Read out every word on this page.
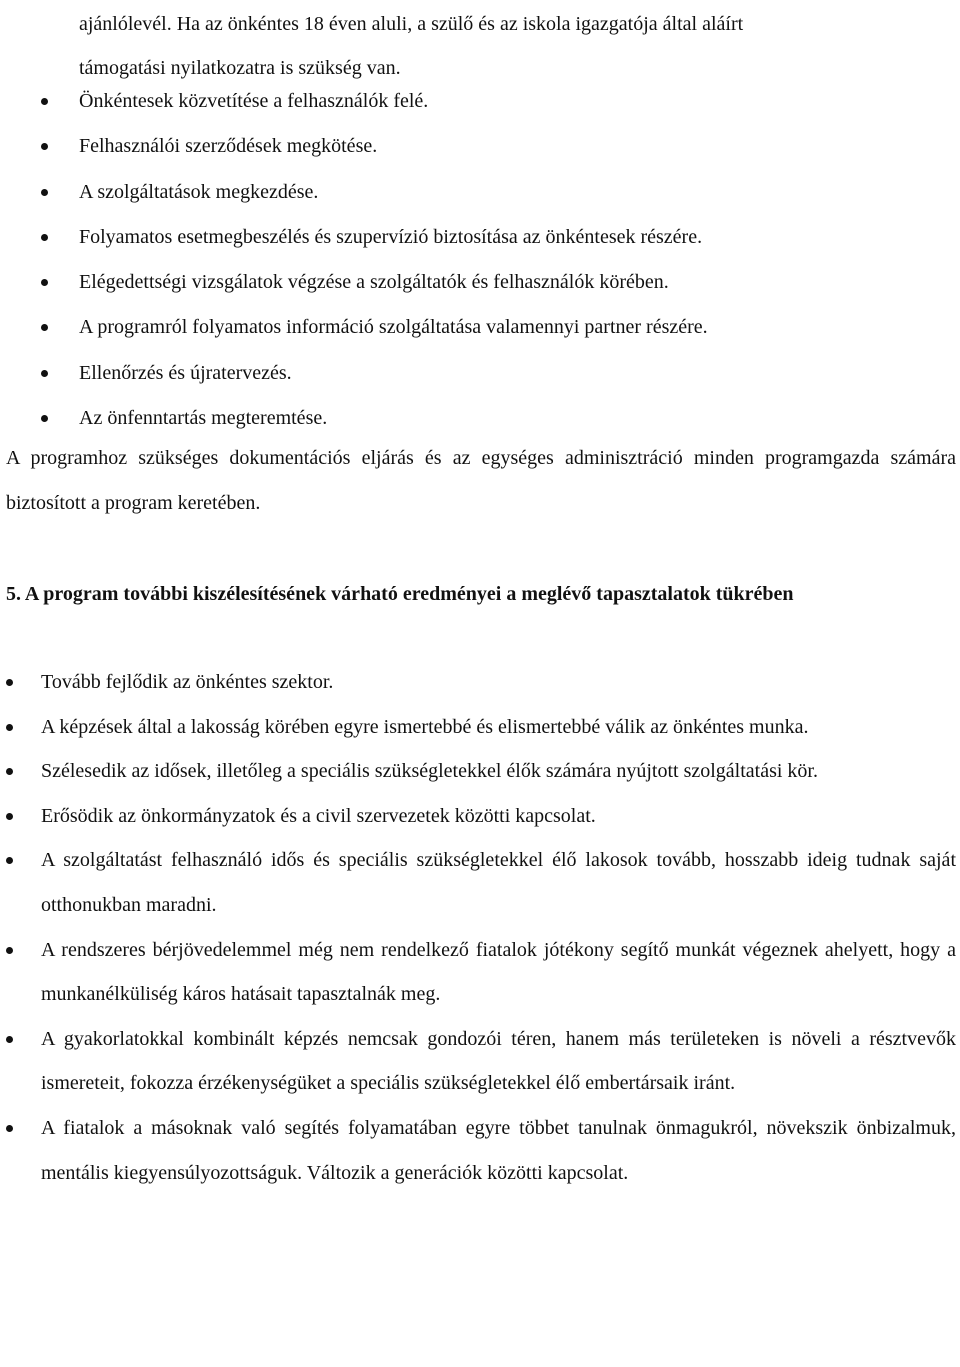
ajánlólevél. Ha az önkéntes 18 éven aluli, a szülő és az iskola igazgatója által aláírt
támogatási nyilatkozatra is szükség van.

Önkéntesek közvetítése a felhasználók felé.
Felhasználói szerződések megkötése.
A szolgáltatások megkezdése.
Folyamatos esetmegbeszélés és szupervízió biztosítása az önkéntesek részére.
Elégedettségi vizsgálatok végzése a szolgáltatók és felhasználók körében.
A programról folyamatos információ szolgáltatása valamennyi partner részére.
Ellenőrzés és újratervezés.
Az önfenntartás megteremtése.

A programhoz szükséges dokumentációs eljárás és az egységes adminisztráció minden programgazda számára biztosított a program keretében.

5. A program további kiszélesítésének várható eredményei a meglévő tapasztalatok tükrében
Tovább fejlődik az önkéntes szektor.
A képzések által a lakosság körében egyre ismertebbé és elismertebbé válik az önkéntes munka.
Szélesedik az idősek, illetőleg a speciális szükségletekkel élők számára nyújtott szolgáltatási kör.
Erősödik az önkormányzatok és a civil szervezetek közötti kapcsolat.
A szolgáltatást felhasználó idős és speciális szükségletekkel élő lakosok tovább, hosszabb ideig tudnak saját otthonukban maradni.
A rendszeres bérjövedelemmel még nem rendelkező fiatalok jótékony segítő munkát végeznek ahelyett, hogy a munkanélküliség káros hatásait tapasztalnák meg.
A gyakorlatokkal kombinált képzés nemcsak gondozói téren, hanem más területeken is növeli a résztvevők ismereteit, fokozza érzékenységüket a speciális szükségletekkel élő embertársaik iránt.
A fiatalok a másoknak való segítés folyamatában egyre többet tanulnak önmagukról, növekszik önbizalmuk, mentális kiegyensúlyozottságuk. Változik a generációk közötti kapcsolat.
